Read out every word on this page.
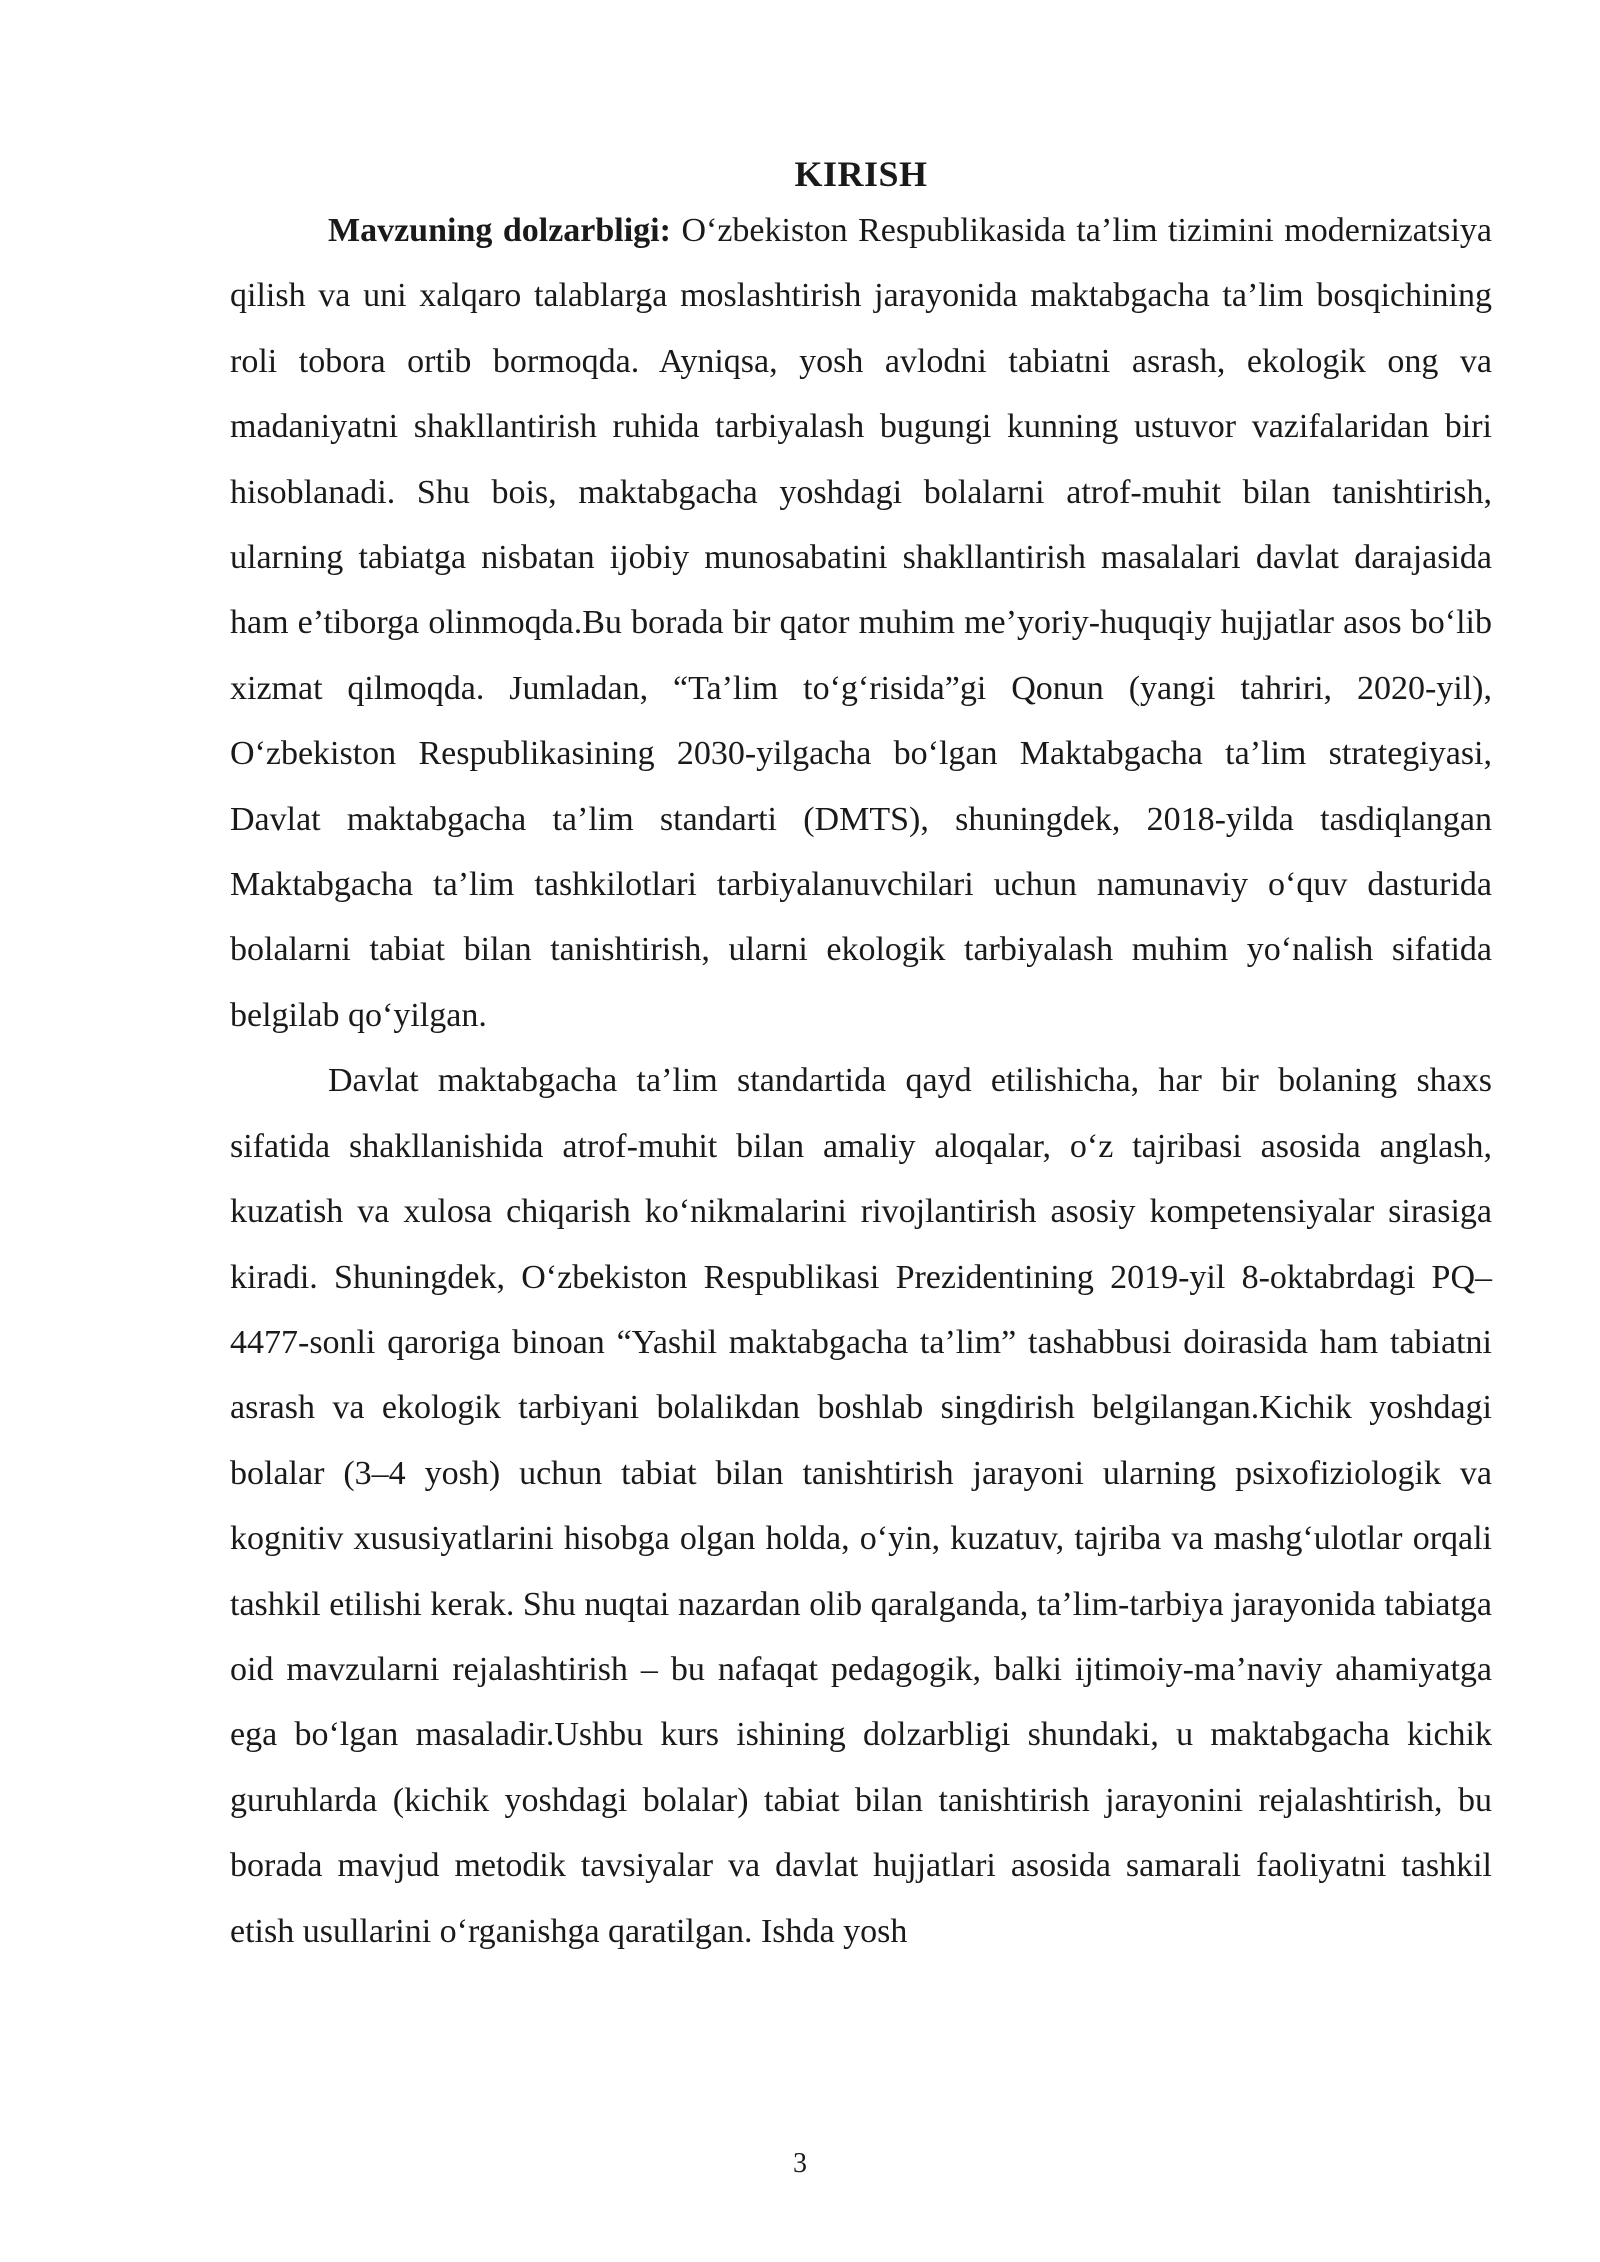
KIRISH

Mavzuning dolzarbligi: O‘zbekiston Respublikasida ta’lim tizimini modernizatsiya qilish va uni xalqaro talablarga moslashtirish jarayonida maktabgacha ta’lim bosqichining roli tobora ortib bormoqda. Ayniqsa, yosh avlodni tabiatni asrash, ekologik ong va madaniyatni shakllantirish ruhida tarbiyalash bugungi kunning ustuvor vazifalaridan biri hisoblanadi. Shu bois, maktabgacha yoshdagi bolalarni atrof-muhit bilan tanishtirish, ularning tabiatga nisbatan ijobiy munosabatini shakllantirish masalalari davlat darajasida ham e’tiborga olinmoqda.Bu borada bir qator muhim me’yoriy-huquqiy hujjatlar asos bo‘lib xizmat qilmoqda. Jumladan, “Ta’lim to‘g‘risida”gi Qonun (yangi tahriri, 2020-yil), O‘zbekiston Respublikasining 2030-yilgacha bo‘lgan Maktabgacha ta’lim strategiyasi, Davlat maktabgacha ta’lim standarti (DMTS), shuningdek, 2018-yilda tasdiqlangan Maktabgacha ta’lim tashkilotlari tarbiyalanuvchilari uchun namunaviy o‘quv dasturida bolalarni tabiat bilan tanishtirish, ularni ekologik tarbiyalash muhim yo‘nalish sifatida belgilab qo‘yilgan.

Davlat maktabgacha ta’lim standartida qayd etilishicha, har bir bolaning shaxs sifatida shakllanishida atrof-muhit bilan amaliy aloqalar, o‘z tajribasi asosida anglash, kuzatish va xulosa chiqarish ko‘nikmalarini rivojlantirish asosiy kompetensiyalar sirasiga kiradi. Shuningdek, O‘zbekiston Respublikasi Prezidentining 2019-yil 8-oktabrdagi PQ–4477-sonli qaroriga binoan “Yashil maktabgacha ta’lim” tashabbusi doirasida ham tabiatni asrash va ekologik tarbiyani bolalikdan boshlab singdirish belgilangan.Kichik yoshdagi bolalar (3–4 yosh) uchun tabiat bilan tanishtirish jarayoni ularning psixofiziologik va kognitiv xususiyatlarini hisobga olgan holda, o‘yin, kuzatuv, tajriba va mashg‘ulotlar orqali tashkil etilishi kerak. Shu nuqtai nazardan olib qaralganda, ta’lim-tarbiya jarayonida tabiatga oid mavzularni rejalashtirish – bu nafaqat pedagogik, balki ijtimoiy-ma’naviy ahamiyatga ega bo‘lgan masaladir.Ushbu kurs ishining dolzarbligi shundaki, u maktabgacha kichik guruhlarda (kichik yoshdagi bolalar) tabiat bilan tanishtirish jarayonini rejalashtirish, bu borada mavjud metodik tavsiyalar va davlat hujjatlari asosida samarali faoliyatni tashkil etish usullarini o‘rganishga qaratilgan. Ishda yosh

3
